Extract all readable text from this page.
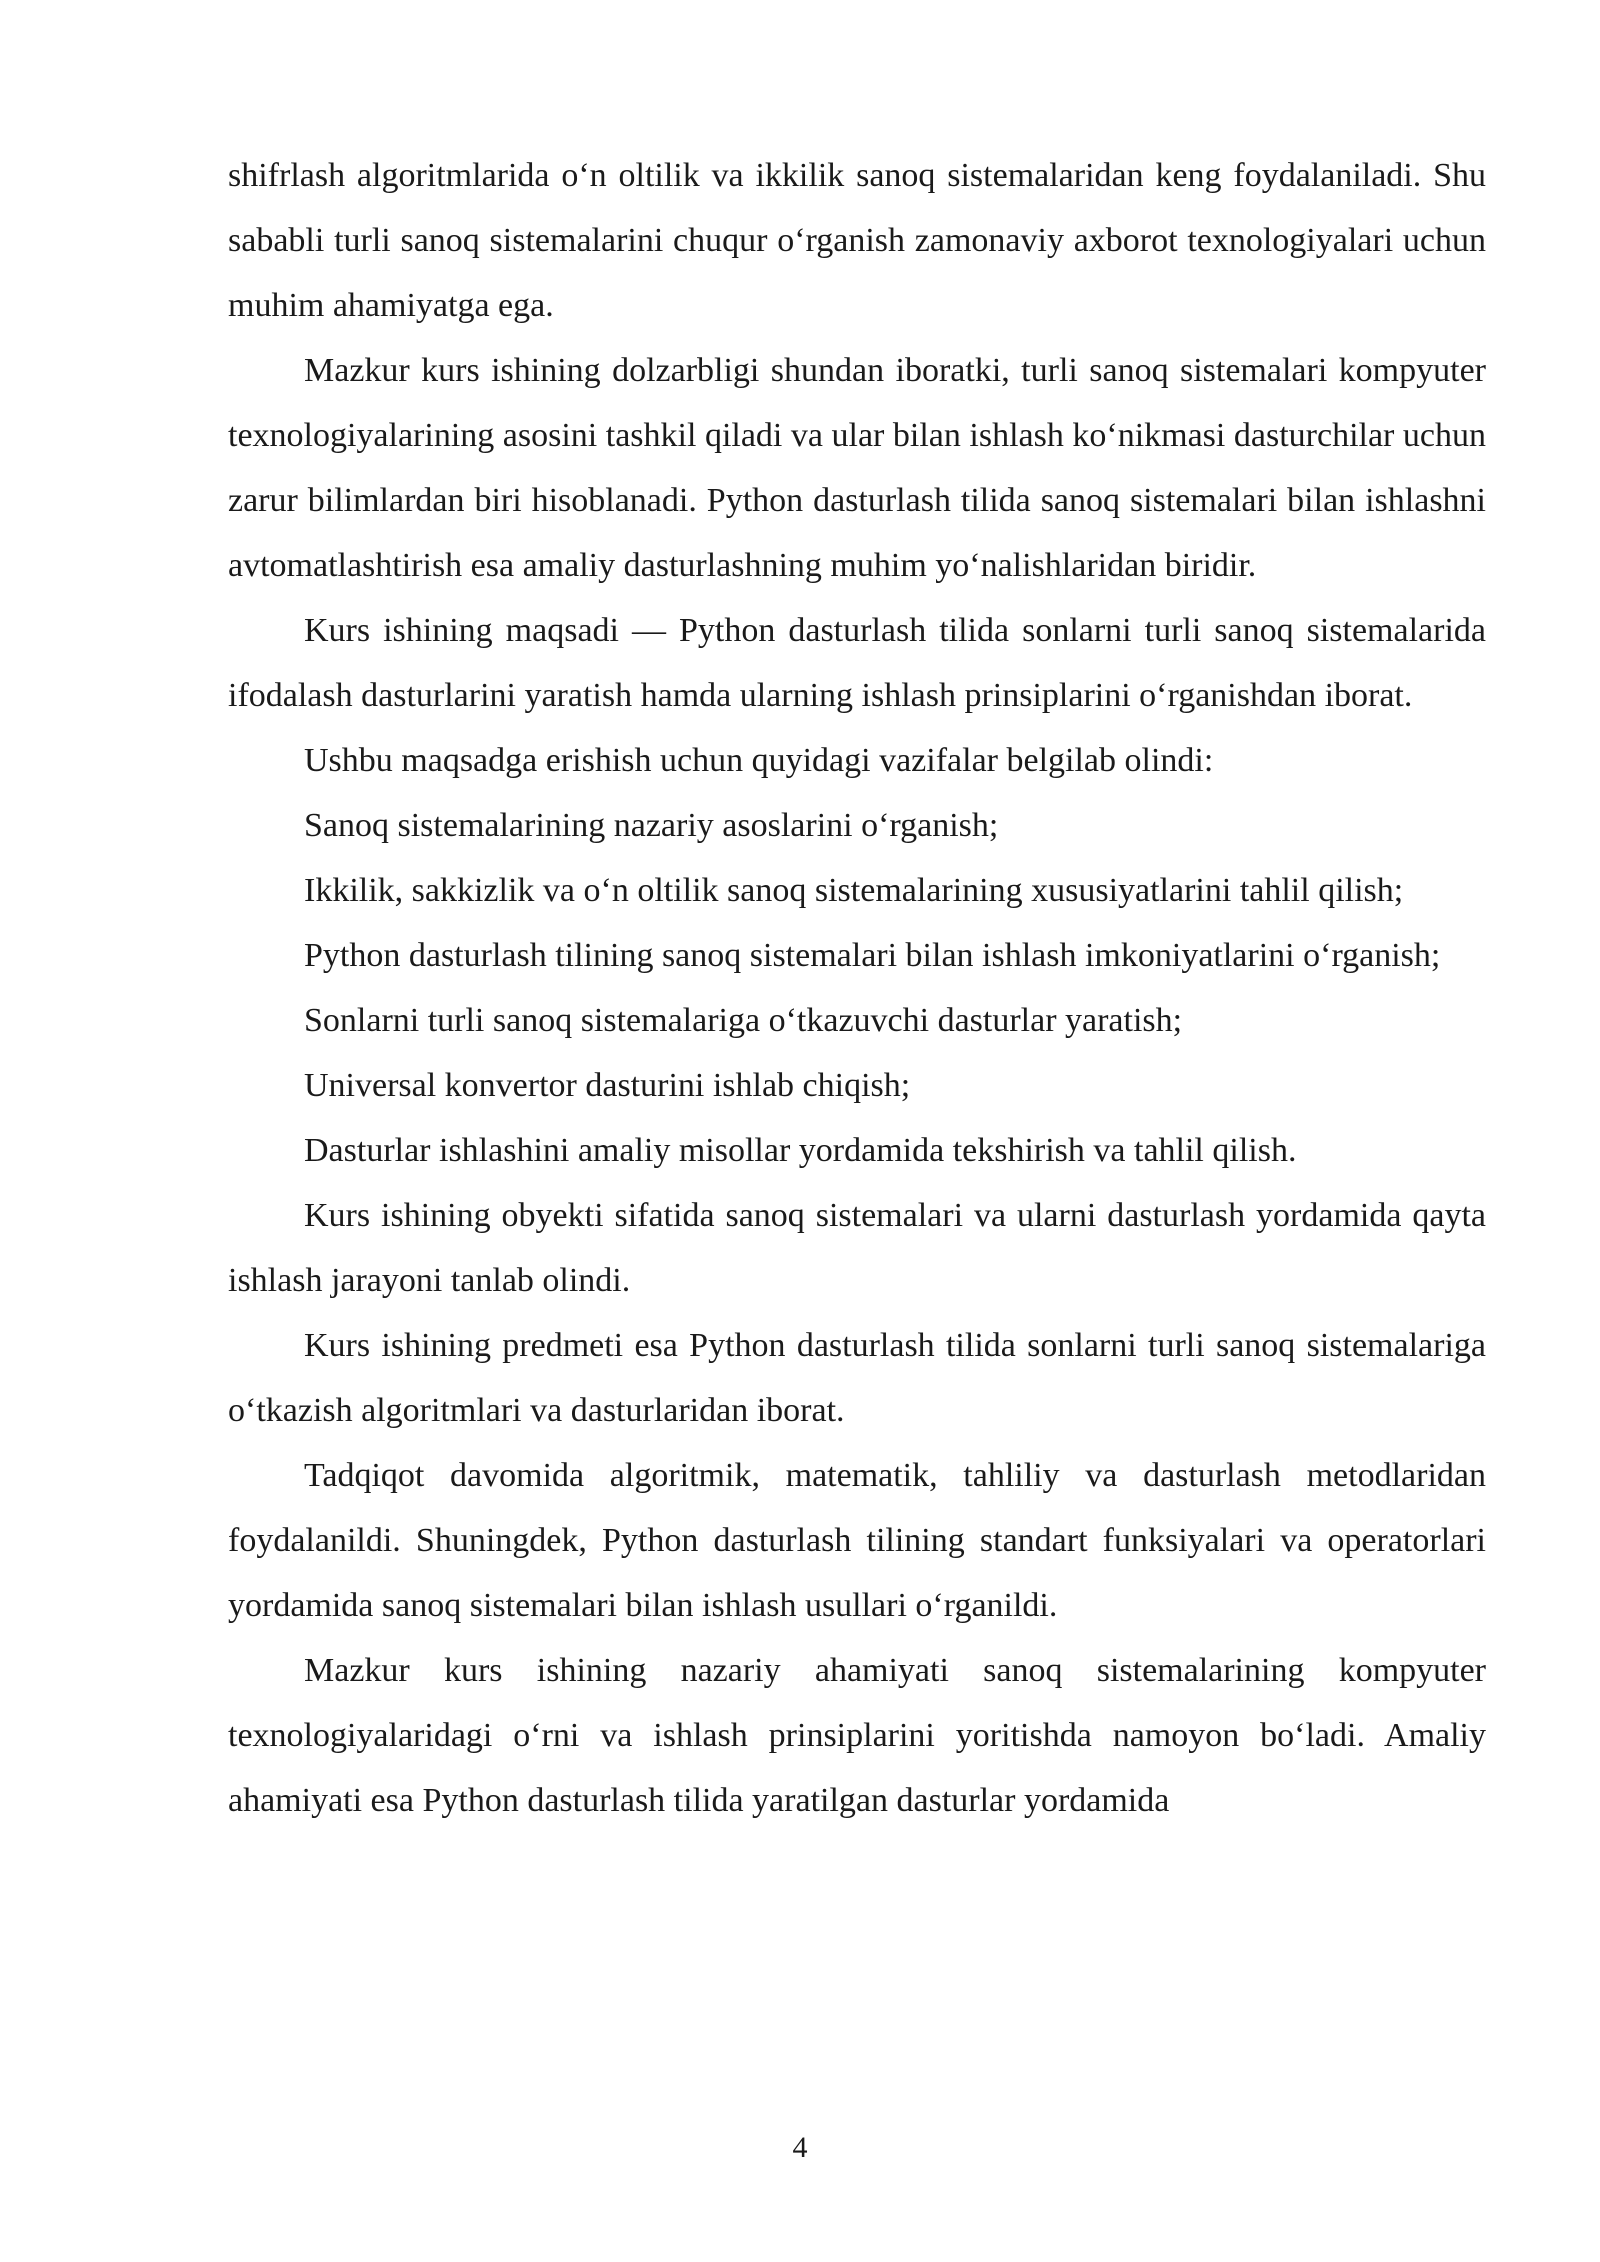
shifrlash algoritmlarida o‘n oltilik va ikkilik sanoq sistemalaridan keng foydalaniladi. Shu sababli turli sanoq sistemalarini chuqur o‘rganish zamonaviy axborot texnologiyalari uchun muhim ahamiyatga ega.

Mazkur kurs ishining dolzarbligi shundan iboratki, turli sanoq sistemalari kompyuter texnologiyalarining asosini tashkil qiladi va ular bilan ishlash ko‘nikmasi dasturchilar uchun zarur bilimlardan biri hisoblanadi. Python dasturlash tilida sanoq sistemalari bilan ishlashni avtomatlashtirish esa amaliy dasturlashning muhim yo‘nalishlaridan biridir.

Kurs ishining maqsadi — Python dasturlash tilida sonlarni turli sanoq sistemalarida ifodalash dasturlarini yaratish hamda ularning ishlash prinsiplarini o‘rganishdan iborat.

Ushbu maqsadga erishish uchun quyidagi vazifalar belgilab olindi:

Sanoq sistemalarining nazariy asoslarini o‘rganish;

Ikkilik, sakkizlik va o‘n oltilik sanoq sistemalarining xususiyatlarini tahlil qilish;

Python dasturlash tilining sanoq sistemalari bilan ishlash imkoniyatlarini o‘rganish;

Sonlarni turli sanoq sistemalariga o‘tkazuvchi dasturlar yaratish;

Universal konvertor dasturini ishlab chiqish;

Dasturlar ishlashini amaliy misollar yordamida tekshirish va tahlil qilish.

Kurs ishining obyekti sifatida sanoq sistemalari va ularni dasturlash yordamida qayta ishlash jarayoni tanlab olindi.

Kurs ishining predmeti esa Python dasturlash tilida sonlarni turli sanoq sistemalariga o‘tkazish algoritmlari va dasturlaridan iborat.

Tadqiqot davomida algoritmik, matematik, tahliliy va dasturlash metodlaridan foydalanildi. Shuningdek, Python dasturlash tilining standart funksiyalari va operatorlari yordamida sanoq sistemalari bilan ishlash usullari o‘rganildi.

Mazkur kurs ishining nazariy ahamiyati sanoq sistemalarining kompyuter texnologiyalaridagi o‘rni va ishlash prinsiplarini yoritishda namoyon bo‘ladi. Amaliy ahamiyati esa Python dasturlash tilida yaratilgan dasturlar yordamida

4
